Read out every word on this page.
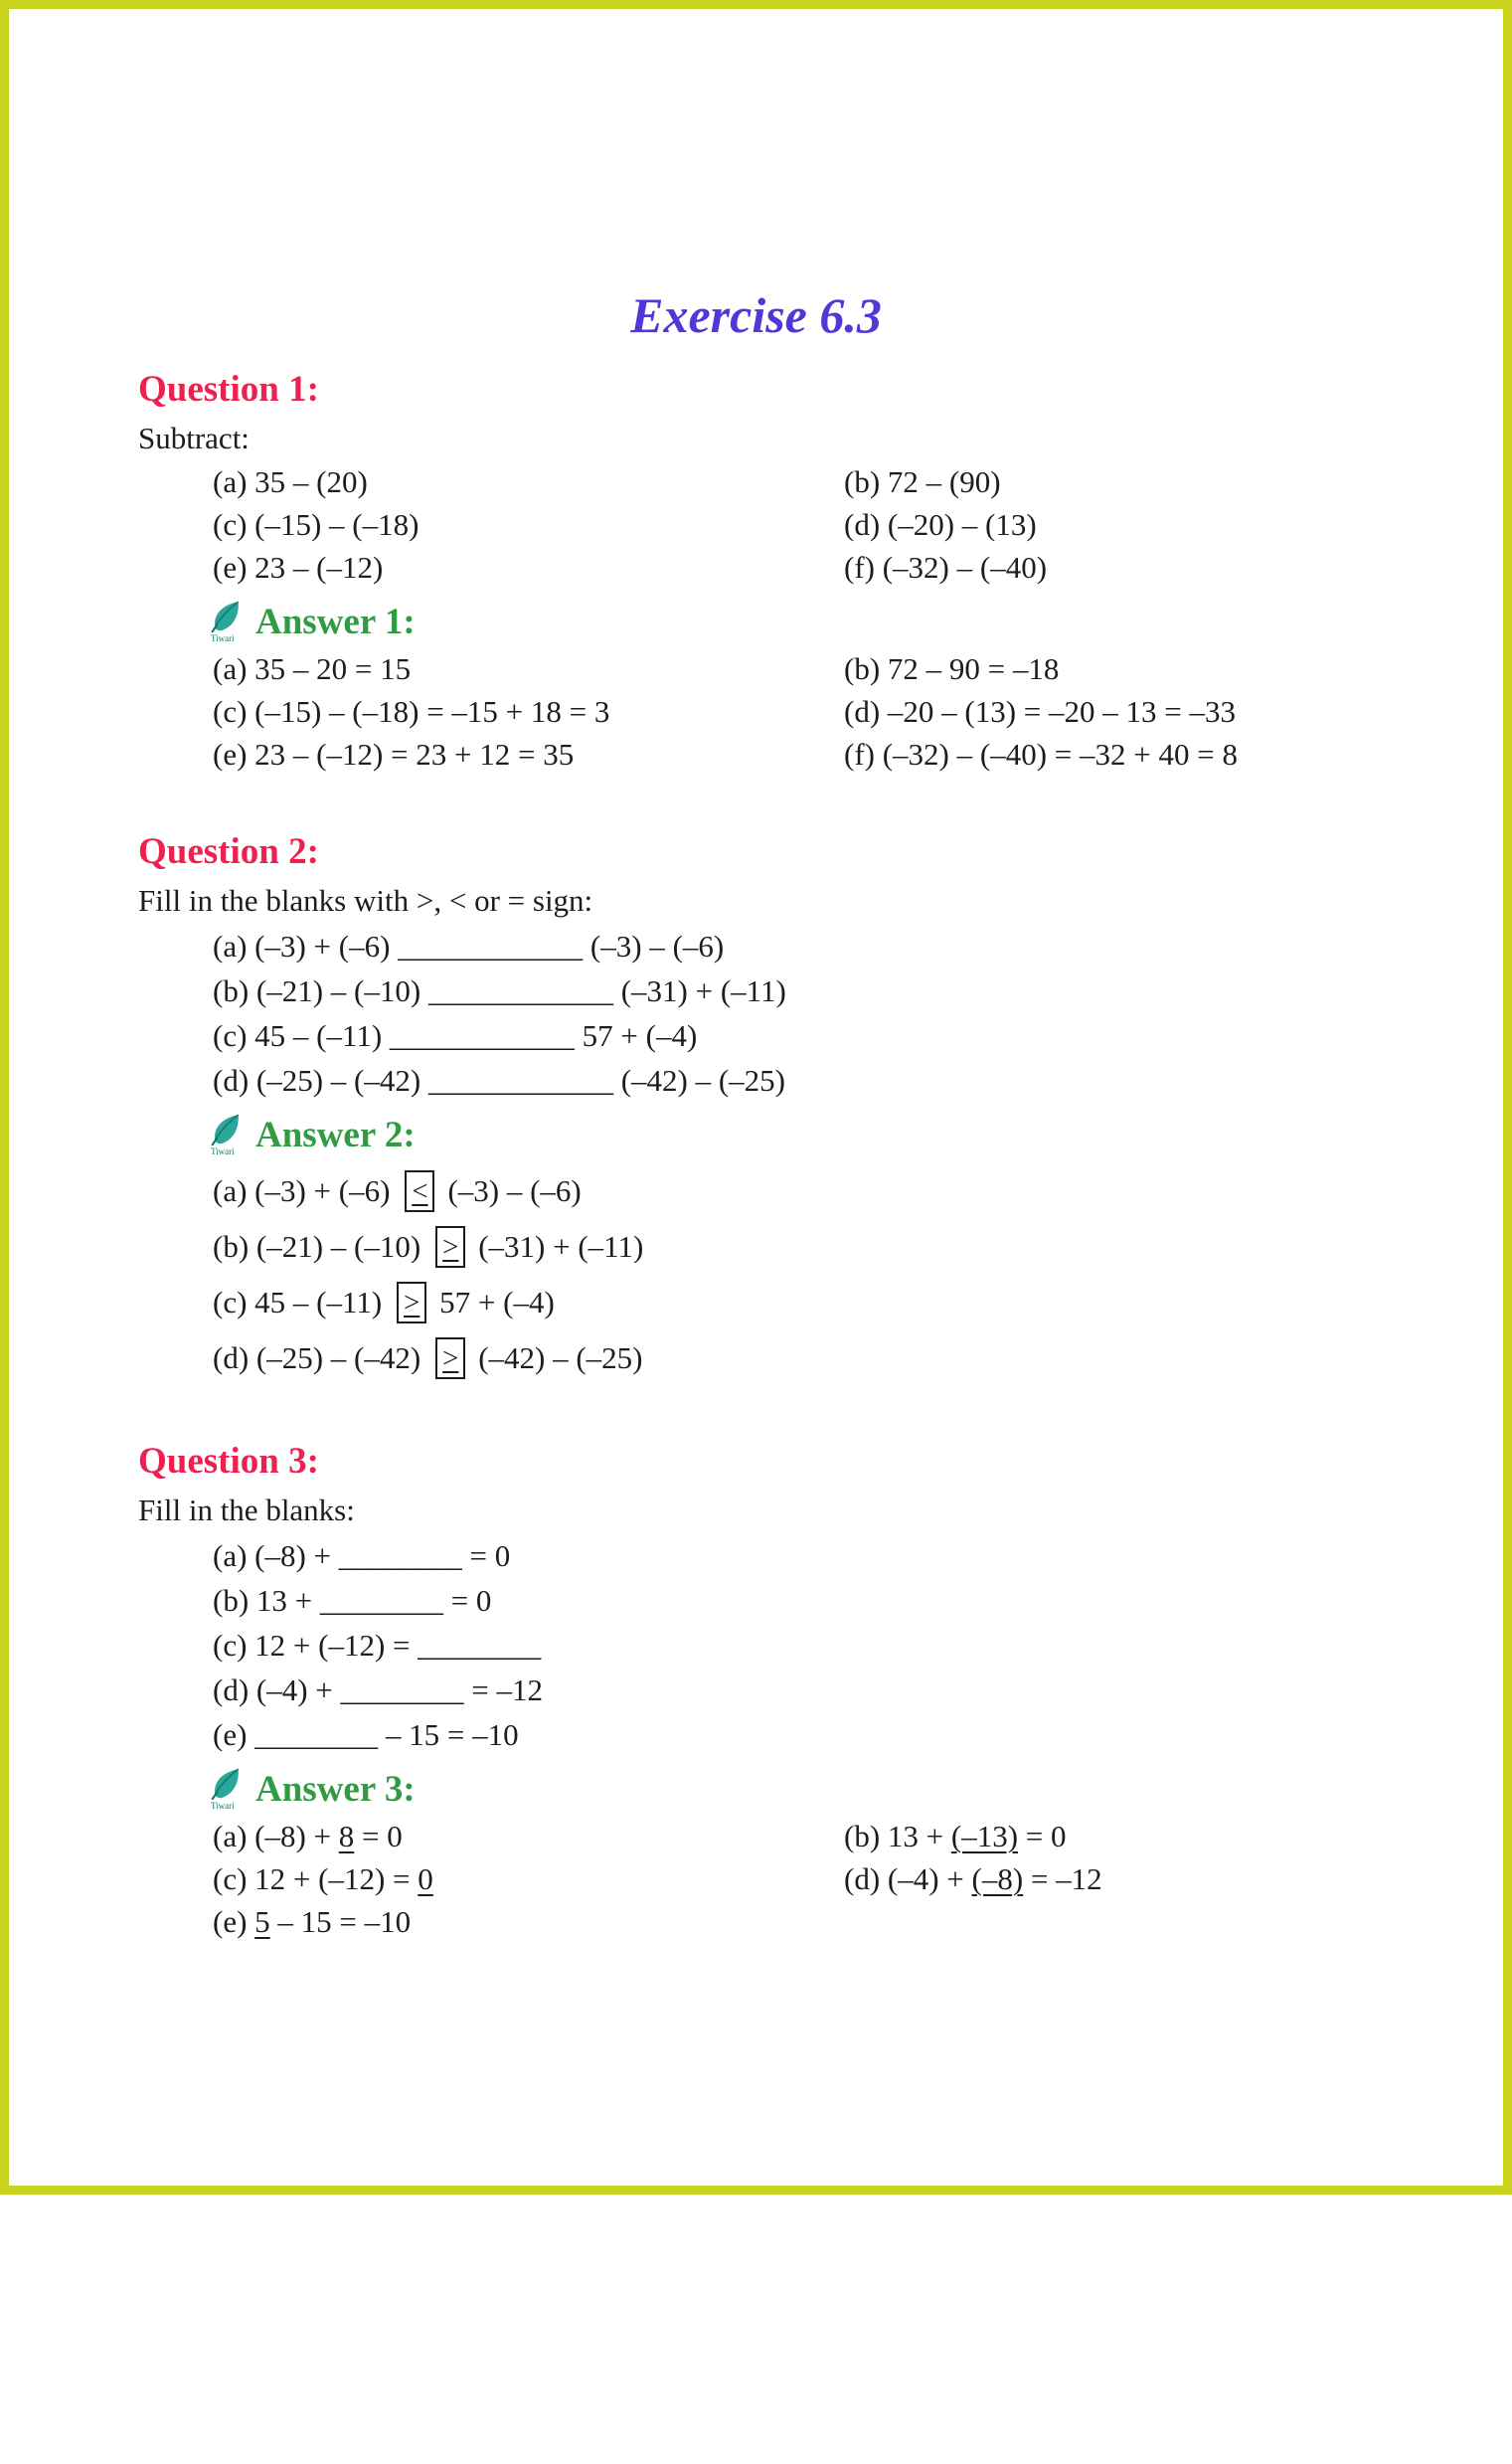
Exercise 6.3
Question 1:

Subtract:

(a) 35 – (20)	(b) 72 – (90)
(c) (–15) – (–18)	(d) (–20) – (13)
(e) 23 – (–12)	(f) (–32) – (–40)
Tiwari Answer 1:
(a) 35 – 20 = 15	(b) 72 – 90 = –18
(c) (–15) – (–18) = –15 + 18 = 3	(d) –20 – (13) = –20 – 13 = –33
(e) 23 – (–12) = 23 + 12 = 35	(f) (–32) – (–40) = –32 + 40 = 8
Question 2:

Fill in the blanks with >, < or = sign:

(a) (–3) + (–6) ____________ (–3) – (–6)
(b) (–21) – (–10) ____________ (–31) + (–11)
(c) 45 – (–11) ____________ 57 + (–4)
(d) (–25) – (–42) ____________ (–42) – (–25)
Tiwari Answer 2:
(a) (–3) + (–6) < (–3) – (–6)
(b) (–21) – (–10) > (–31) + (–11)
(c) 45 – (–11) > 57 + (–4)
(d) (–25) – (–42) > (–42) – (–25)
Question 3:

Fill in the blanks:

(a) (–8) + ________ = 0
(b) 13 + ________ = 0
(c) 12 + (–12) = ________
(d) (–4) + ________ = –12
(e) ________ – 15 = –10
Tiwari Answer 3:
(a) (–8) + 8 = 0	(b) 13 + (–13) = 0
(c) 12 + (–12) = 0	(d) (–4) + (–8) = –12
(e) 5 – 15 = –10
